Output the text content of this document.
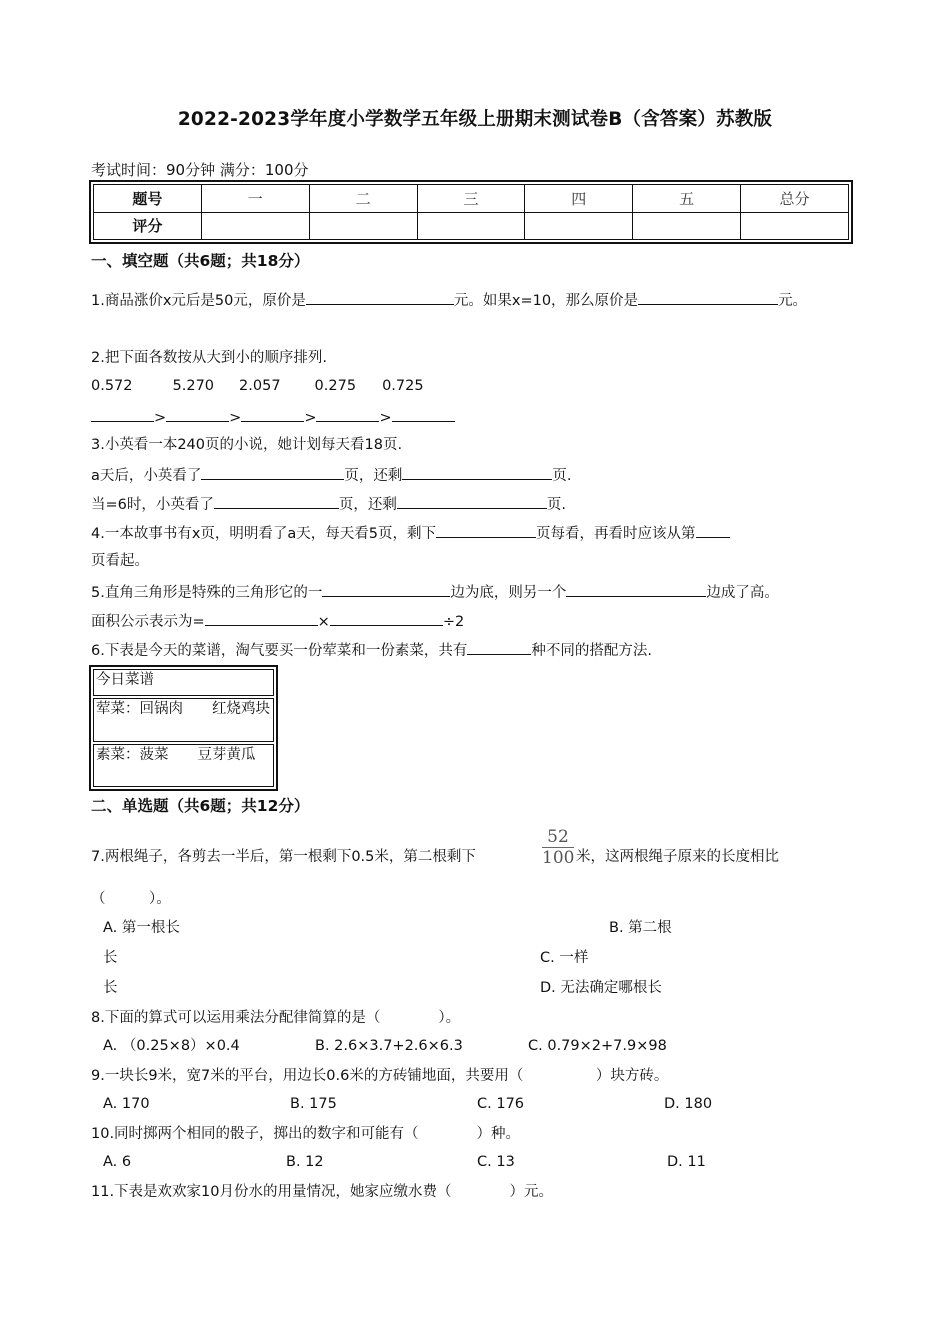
2022-2023学年度小学数学五年级上册期末测试卷B（含答案）苏教版
考试时间：90分钟 满分：100分
题号	一	二	三	四	五	总分
评分						
一、填空题（共6题；共18分）
1.商品涨价x元后是50元，原价是	元。如果x=10，那么原价是	元。
2.把下面各数按从大到小的顺序排列.
0.572	5.270 2.057 0.275 0.725
>	>	>	>
3.小英看一本240页的小说，她计划每天看18页.
a天后，小英看了	页，还剩	页.
当=6时，小英看了	页，还剩	页.
4.一本故事书有x页，明明看了a天，每天看5页，剩下	页每看，再看时应该从第
页看起。
5.直角三角形是特殊的三角形它的一	边为底，则另一个	边成了高。
面积公示表示为=	×	÷2
6.下表是今天的菜谱，淘气要买一份荤菜和一份素菜，共有	种不同的搭配方法.
今日菜谱
荤菜：回锅肉　　红烧鸡块
素菜：菠菜　　豆芽黄瓜
二、单选题（共6题；共12分）
7.两根绳子，各剪去一半后，第一根剩下0.5米，第二根剩下
52
100 米，这两根绳子原来的长度相比
（　　　）。
A. 第一根长	B. 第二根
长	C. 一样
长	D. 无法确定哪根长
8.下面的算式可以运用乘法分配律简算的是（　　　　）。
A. （0.25×8）×0.4	B. 2.6×3.7+2.6×6.3	C. 0.79×2+7.9×98
9.一块长9米，宽7米的平台，用边长0.6米的方砖铺地面，共要用（　　　　　）块方砖。
A. 170	B. 175	C. 176	D. 180
10.同时掷两个相同的骰子，掷出的数字和可能有（　　　　）种。
A. 6	B. 12	C. 13	D. 11
11.下表是欢欢家10月份水的用量情况，她家应缴水费（　　　　）元。
